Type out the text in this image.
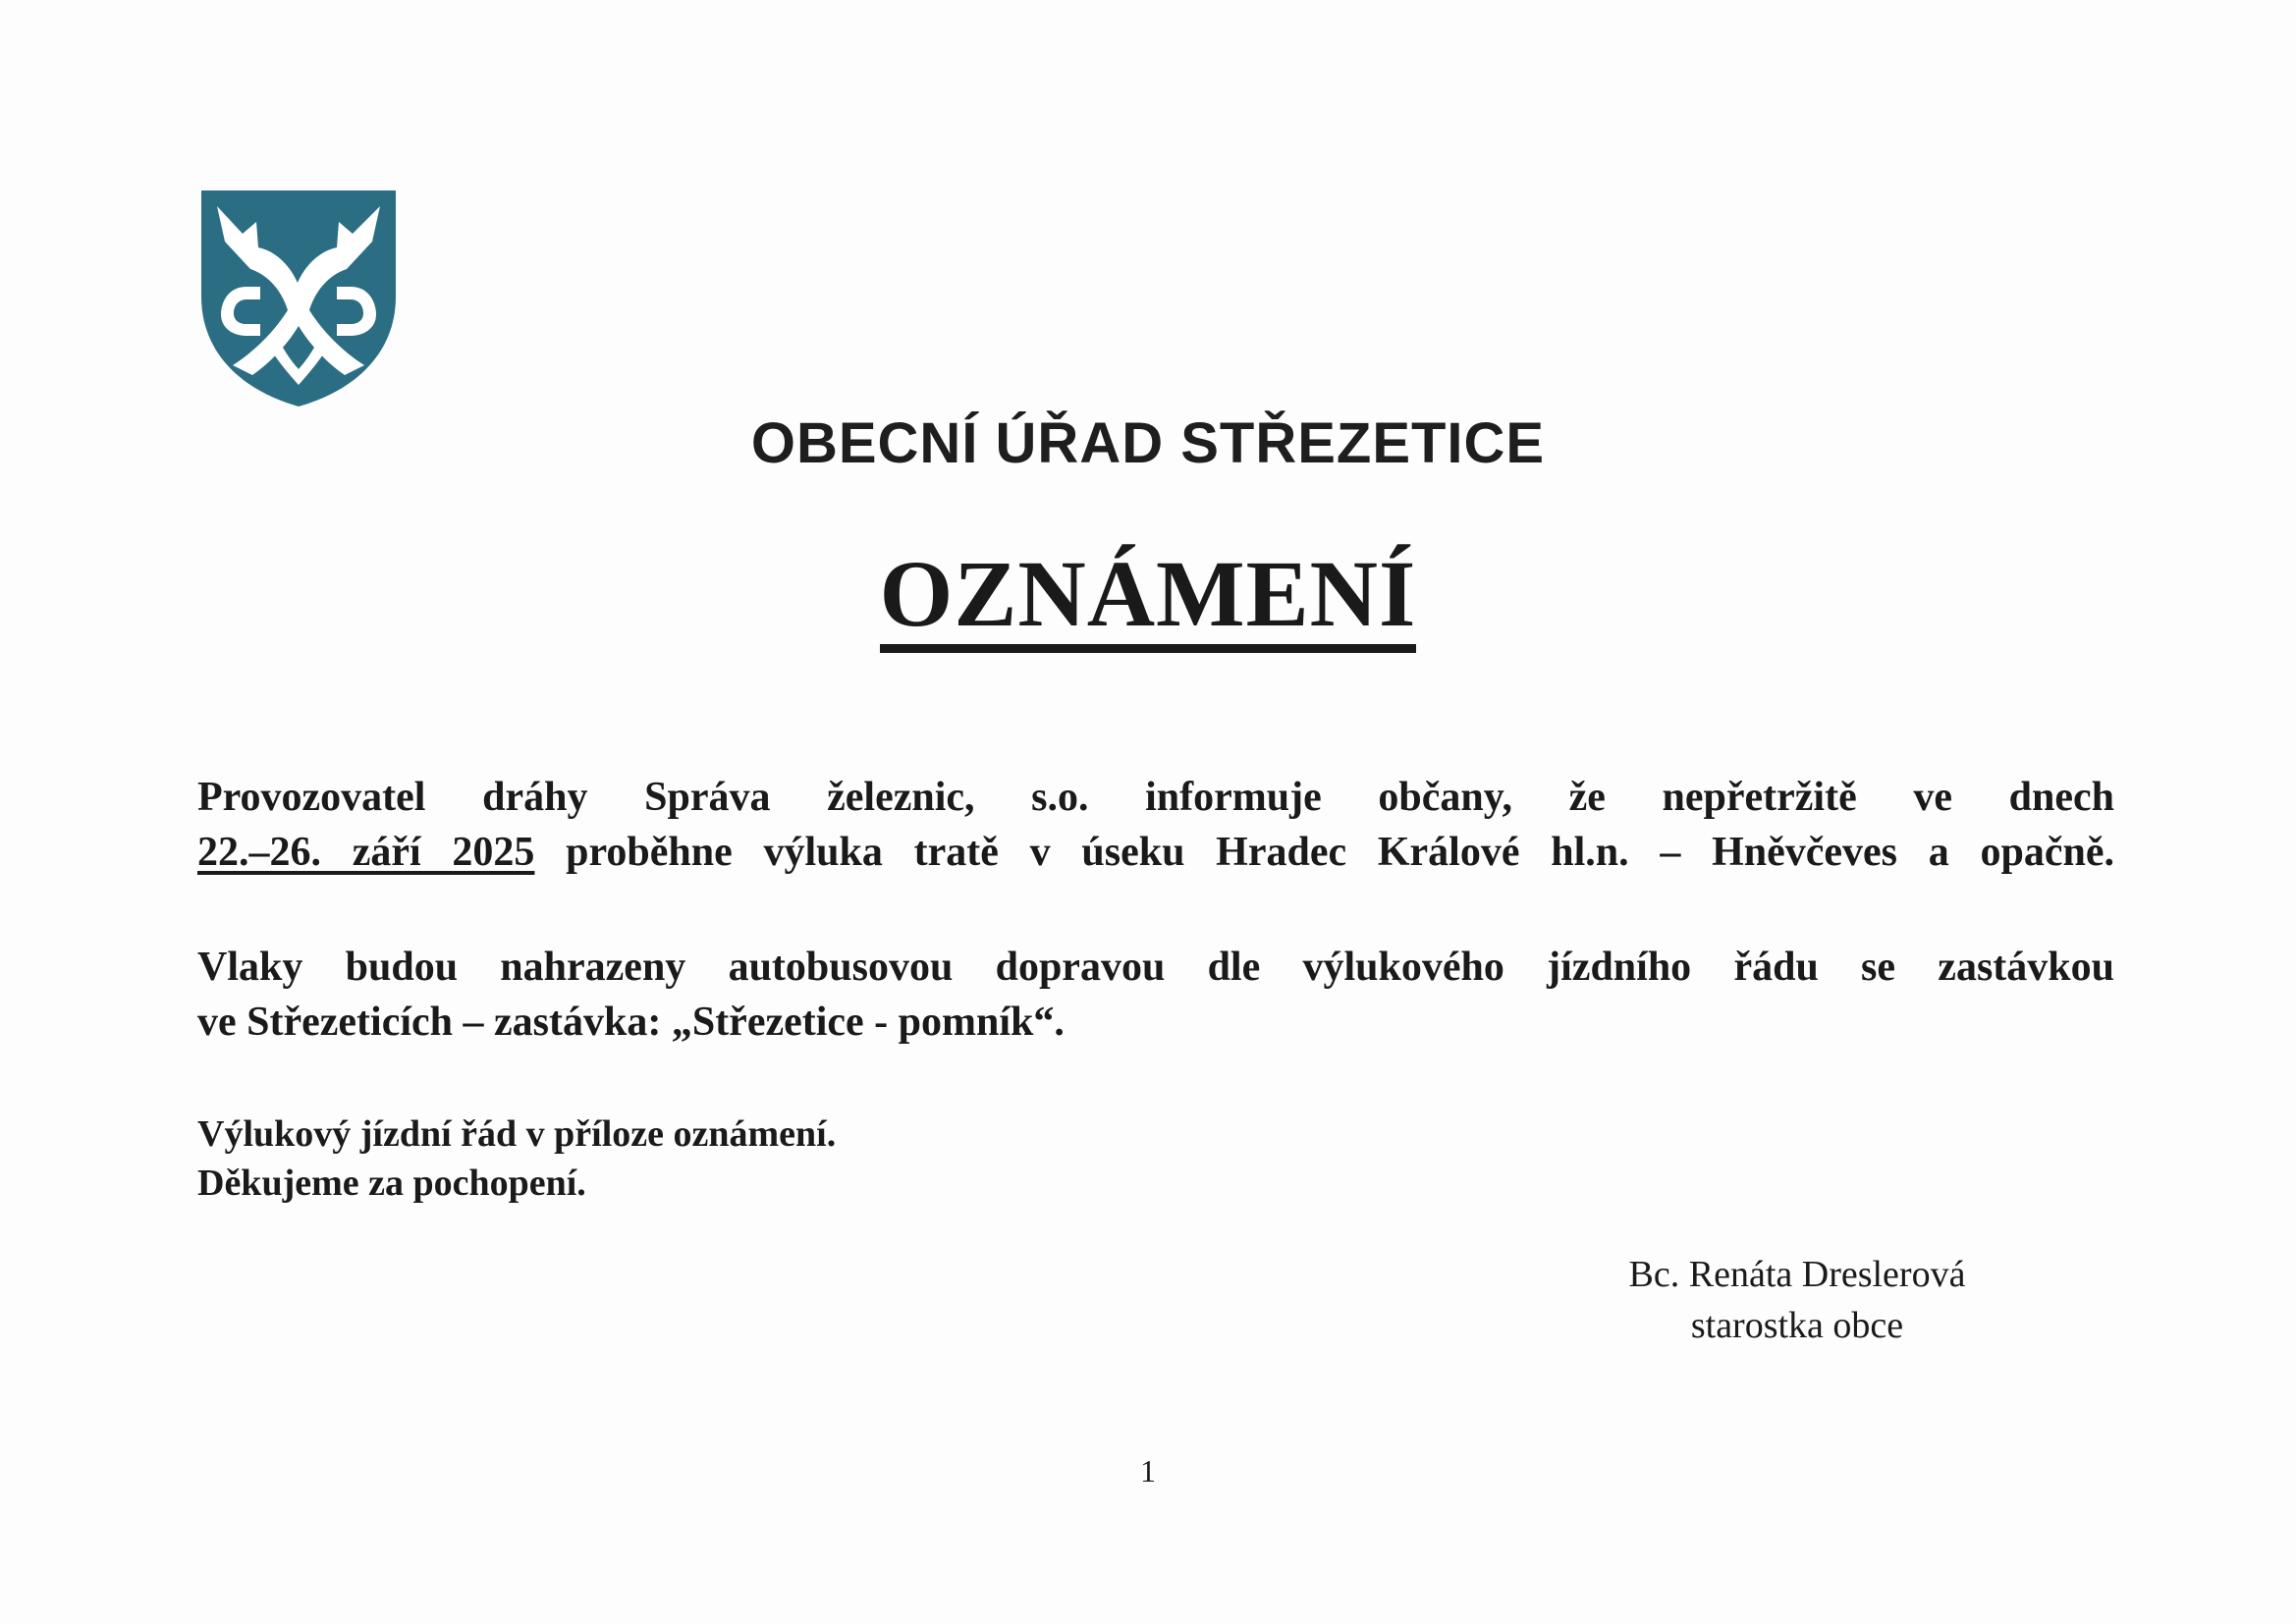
OBECNÍ ÚŘAD STŘEZETICE
OZNÁMENÍ
Provozovatel dráhy Správa železnic, s.o. informuje občany, že nepřetržitě ve dnech
22.–26. září 2025 proběhne výluka tratě v úseku Hradec Králové hl.n. – Hněvčeves a opačně.
Vlaky budou nahrazeny autobusovou dopravou dle výlukového jízdního řádu se zastávkou
ve Střezeticích – zastávka: „Střezetice - pomník“.
Výlukový jízdní řád v příloze oznámení.
Děkujeme za pochopení.
Bc. Renáta Dreslerová
starostka obce
1
